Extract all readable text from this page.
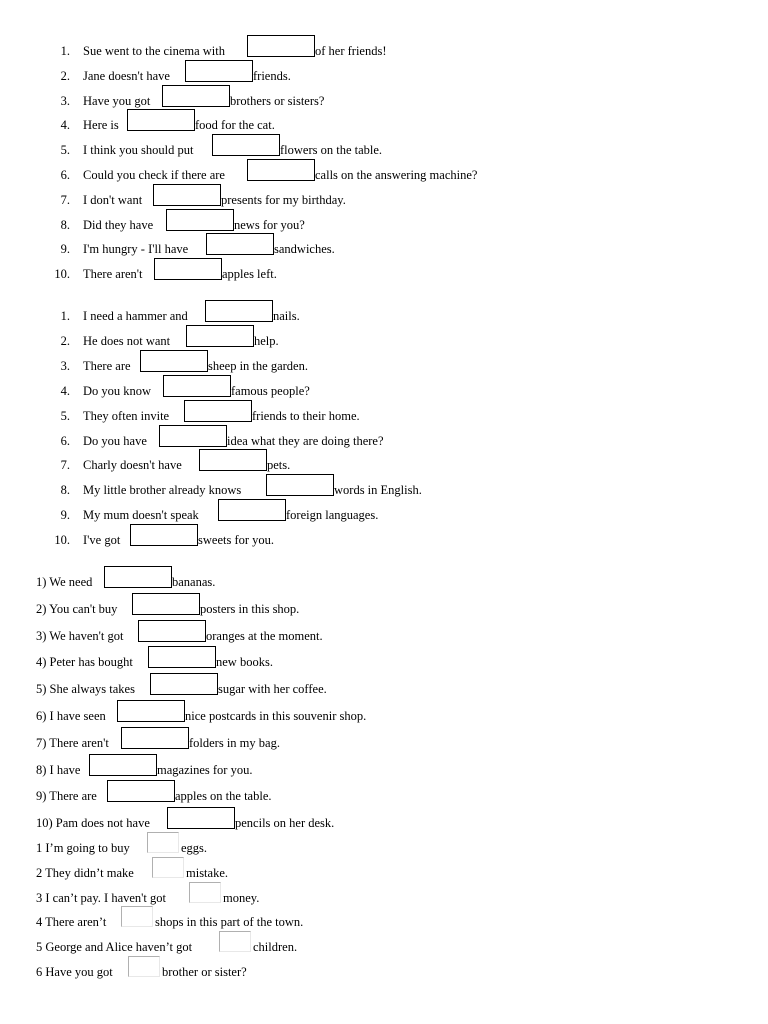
1. Sue went to the cinema with	of her friends!
2. Jane doesn't have	friends.
3. Have you got	brothers or sisters?
4. Here is	food for the cat.
5. I think you should put	flowers on the table.
6. Could you check if there are	calls on the answering machine?
7. I don't want	presents for my birthday.
8. Did they have	news for you?
9. I'm hungry - I'll have	sandwiches.
10. There aren't	apples left.
1. I need a hammer and	nails.
2. He does not want	help.
3. There are	sheep in the garden.
4. Do you know	famous people?
5. They often invite	friends to their home.
6. Do you have	idea what they are doing there?
7. Charly doesn't have	pets.
8. My little brother already knows	words in English.
9. My mum doesn't speak	foreign languages.
10. I've got	sweets for you.
1) We need	bananas.
2) You can't buy	posters in this shop.
3) We haven't got	oranges at the moment.
4) Peter has bought	new books.
5) She always takes	sugar with her coffee.
6) I have seen	nice postcards in this souvenir shop.
7) There aren't	folders in my bag.
8) I have	magazines for you.
9) There are	apples on the table.
10) Pam does not have	pencils on her desk.
1 I’m going to buy	eggs.
2 They didn’t make	mistake.
3 I can’t pay. I haven't got	money.
4 There aren’t	shops in this part of the town.
5 George and Alice haven’t got	children.
6 Have you got	brother or sister?
